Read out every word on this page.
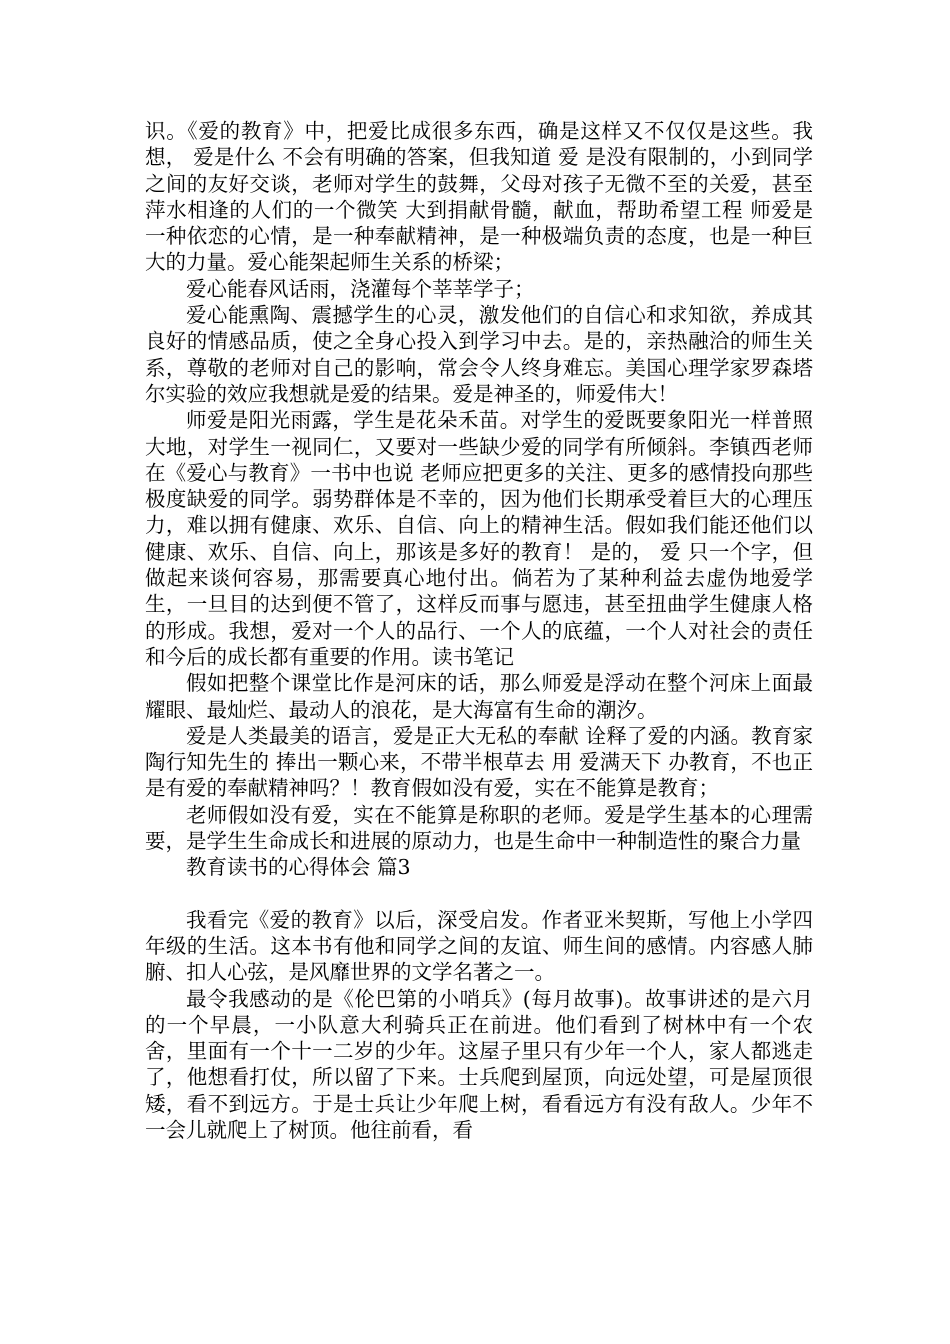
识。《爱的教育》中，把爱比成很多东西，确是这样又不仅仅是这些。我想， 爱是什么 不会有明确的答案，但我知道 爱 是没有限制的，小到同学之间的友好交谈，老师对学生的鼓舞，父母对孩子无微不至的关爱，甚至萍水相逢的人们的一个微笑 大到捐献骨髓，献血，帮助希望工程 师爱是一种依恋的心情，是一种奉献精神，是一种极端负责的态度，也是一种巨大的力量。爱心能架起师生关系的桥梁；

爱心能春风话雨，浇灌每个莘莘学子；

爱心能熏陶、震撼学生的心灵，激发他们的自信心和求知欲，养成其良好的情感品质，使之全身心投入到学习中去。是的，亲热融洽的师生关系，尊敬的老师对自己的影响，常会令人终身难忘。美国心理学家罗森塔尔实验的效应我想就是爱的结果。爱是神圣的，师爱伟大！

师爱是阳光雨露，学生是花朵禾苗。对学生的爱既要象阳光一样普照大地，对学生一视同仁，又要对一些缺少爱的同学有所倾斜。李镇西老师在《爱心与教育》一书中也说 老师应把更多的关注、更多的感情投向那些极度缺爱的同学。弱势群体是不幸的，因为他们长期承受着巨大的心理压力，难以拥有健康、欢乐、自信、向上的精神生活。假如我们能还他们以健康、欢乐、自信、向上，那该是多好的教育！ 是的， 爱 只一个字，但做起来谈何容易，那需要真心地付出。倘若为了某种利益去虚伪地爱学生，一旦目的达到便不管了，这样反而事与愿违，甚至扭曲学生健康人格的形成。我想，爱对一个人的品行、一个人的底蕴，一个人对社会的责任和今后的成长都有重要的作用。读书笔记

假如把整个课堂比作是河床的话，那么师爱是浮动在整个河床上面最耀眼、最灿烂、最动人的浪花，是大海富有生命的潮汐。

爱是人类最美的语言，爱是正大无私的奉献 诠释了爱的内涵。教育家陶行知先生的 捧出一颗心来，不带半根草去 用 爱满天下 办教育，不也正是有爱的奉献精神吗？！教育假如没有爱，实在不能算是教育；

老师假如没有爱，实在不能算是称职的老师。爱是学生基本的心理需要，是学生生命成长和进展的原动力，也是生命中一种制造性的聚合力量

教育读书的心得体会 篇3

我看完《爱的教育》以后，深受启发。作者亚米契斯，写他上小学四年级的生活。这本书有他和同学之间的友谊、师生间的感情。内容感人肺腑、扣人心弦，是风靡世界的文学名著之一。

最令我感动的是《伦巴第的小哨兵》(每月故事)。故事讲述的是六月的一个早晨，一小队意大利骑兵正在前进。他们看到了树林中有一个农舍，里面有一个十一二岁的少年。这屋子里只有少年一个人，家人都逃走了，他想看打仗，所以留了下来。士兵爬到屋顶，向远处望，可是屋顶很矮，看不到远方。于是士兵让少年爬上树，看看远方有没有敌人。少年不一会儿就爬上了树顶。他往前看，看
